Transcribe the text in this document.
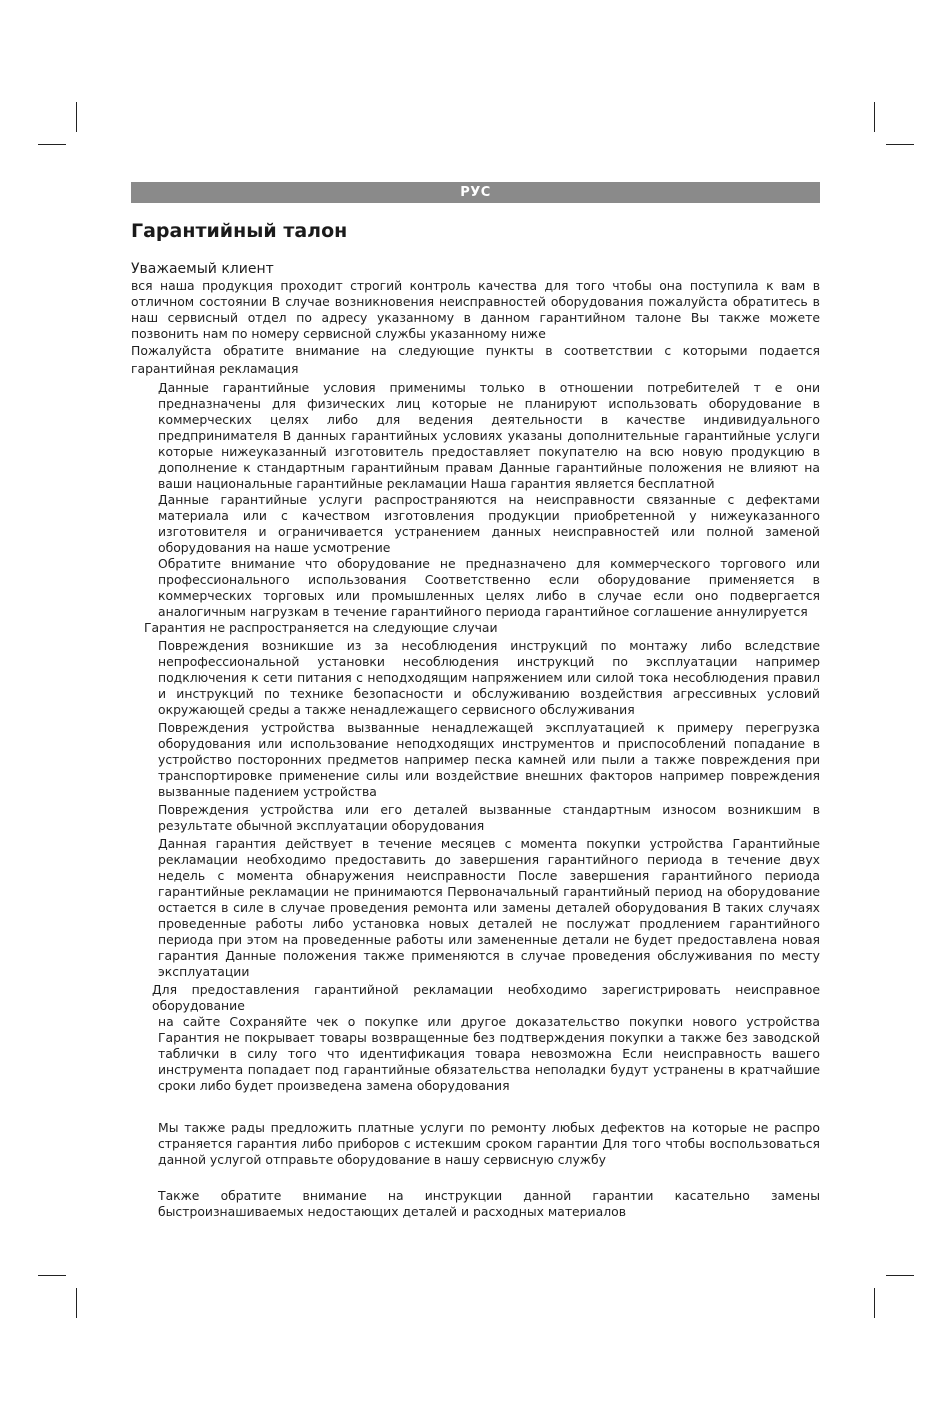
РУС
Гарантийный талон

Уважаемый клиент

вся наша продукция проходит строгий контроль качества для того чтобы она поступила к вам в отличном состоянии В случае возникновения неисправностей оборудования пожалуйста обратитесь в наш сервисный отдел по адресу указанному в данном гарантийном талоне Вы также можете позвонить нам по номеру сервисной службы указанному ниже

Пожалуйста обратите внимание на следующие пункты в соответствии с которыми подается гарантийная рекламация

Данные гарантийные условия применимы только в отношении потребителей т е они предназначены для физических лиц которые не планируют использовать оборудование в коммерческих целях либо для ведения деятельности в качестве индивидуального предпринимателя В данных гарантийных условиях указаны дополнительные гарантийные услуги которые нижеуказанный изготовитель предоставляет покупателю на всю новую продукцию в дополнение к стандартным гарантийным правам Данные гарантийные положения не влияют на ваши национальные гарантийные рекламации Наша гарантия является бесплатной

Данные гарантийные услуги распространяются на неисправности связанные с дефектами материала или с качеством изготовления продукции приобретенной у нижеуказанного изготовителя и ограничивается устранением данных неисправностей или полной заменой оборудования на наше усмотрение

Обратите внимание что оборудование не предназначено для коммерческого торгового или профессионального использования Соответственно если оборудование применяется в коммерческих торговых или промышленных целях либо в случае если оно подвергается аналогичным нагрузкам в течение гарантийного периода гарантийное соглашение аннулируется

Гарантия не распространяется на следующие случаи

Повреждения возникшие из за несоблюдения инструкций по монтажу либо вследствие непрофессиональной установки несоблюдения инструкций по эксплуатации например подключения к сети питания с неподходящим напряжением или силой тока несоблюдения правил и инструкций по технике безопасности и обслуживанию воздействия агрессивных условий окружающей среды а также ненадлежащего сервисного обслуживания

Повреждения устройства вызванные ненадлежащей эксплуатацией к примеру перегрузка оборудования или использование неподходящих инструментов и приспособлений попадание в устройство посторонних предметов например песка камней или пыли а также повреждения при транспортировке применение силы или воздействие внешних факторов например повреждения вызванные падением устройства

Повреждения устройства или его деталей вызванные стандартным износом возникшим в результате обычной эксплуатации оборудования

Данная гарантия действует в течение месяцев с момента покупки устройства Гарантийные рекламации необходимо предоставить до завершения гарантийного периода в течение двух недель с момента обнаружения неисправности После завершения гарантийного периода гарантийные рекламации не принимаются Первоначальный гарантийный период на оборудование остается в силе в случае проведения ремонта или замены деталей оборудования В таких случаях проведенные работы либо установка новых деталей не послужат продлением гарантийного периода при этом на проведенные работы или замененные детали не будет предоставлена новая гарантия Данные положения также применяются в случае проведения обслуживания по месту эксплуатации

Для предоставления гарантийной рекламации необходимо зарегистрировать неисправное оборудование

на сайте Сохраняйте чек о покупке или другое доказательство покупки нового устройства Гарантия не покрывает товары возвращенные без подтверждения покупки а также без заводской таблички в силу того что идентификация товара невозможна Если неисправность вашего инструмента попадает под гарантийные обязательства неполадки будут устранены в кратчайшие сроки либо будет произведена замена оборудования

Мы также рады предложить платные услуги по ремонту любых дефектов на которые не распро страняется гарантия либо приборов с истекшим сроком гарантии Для того чтобы воспользоваться данной услугой отправьте оборудование в нашу сервисную службу

Также обратите внимание на инструкции данной гарантии касательно замены быстроизнашиваемых недостающих деталей и расходных материалов
